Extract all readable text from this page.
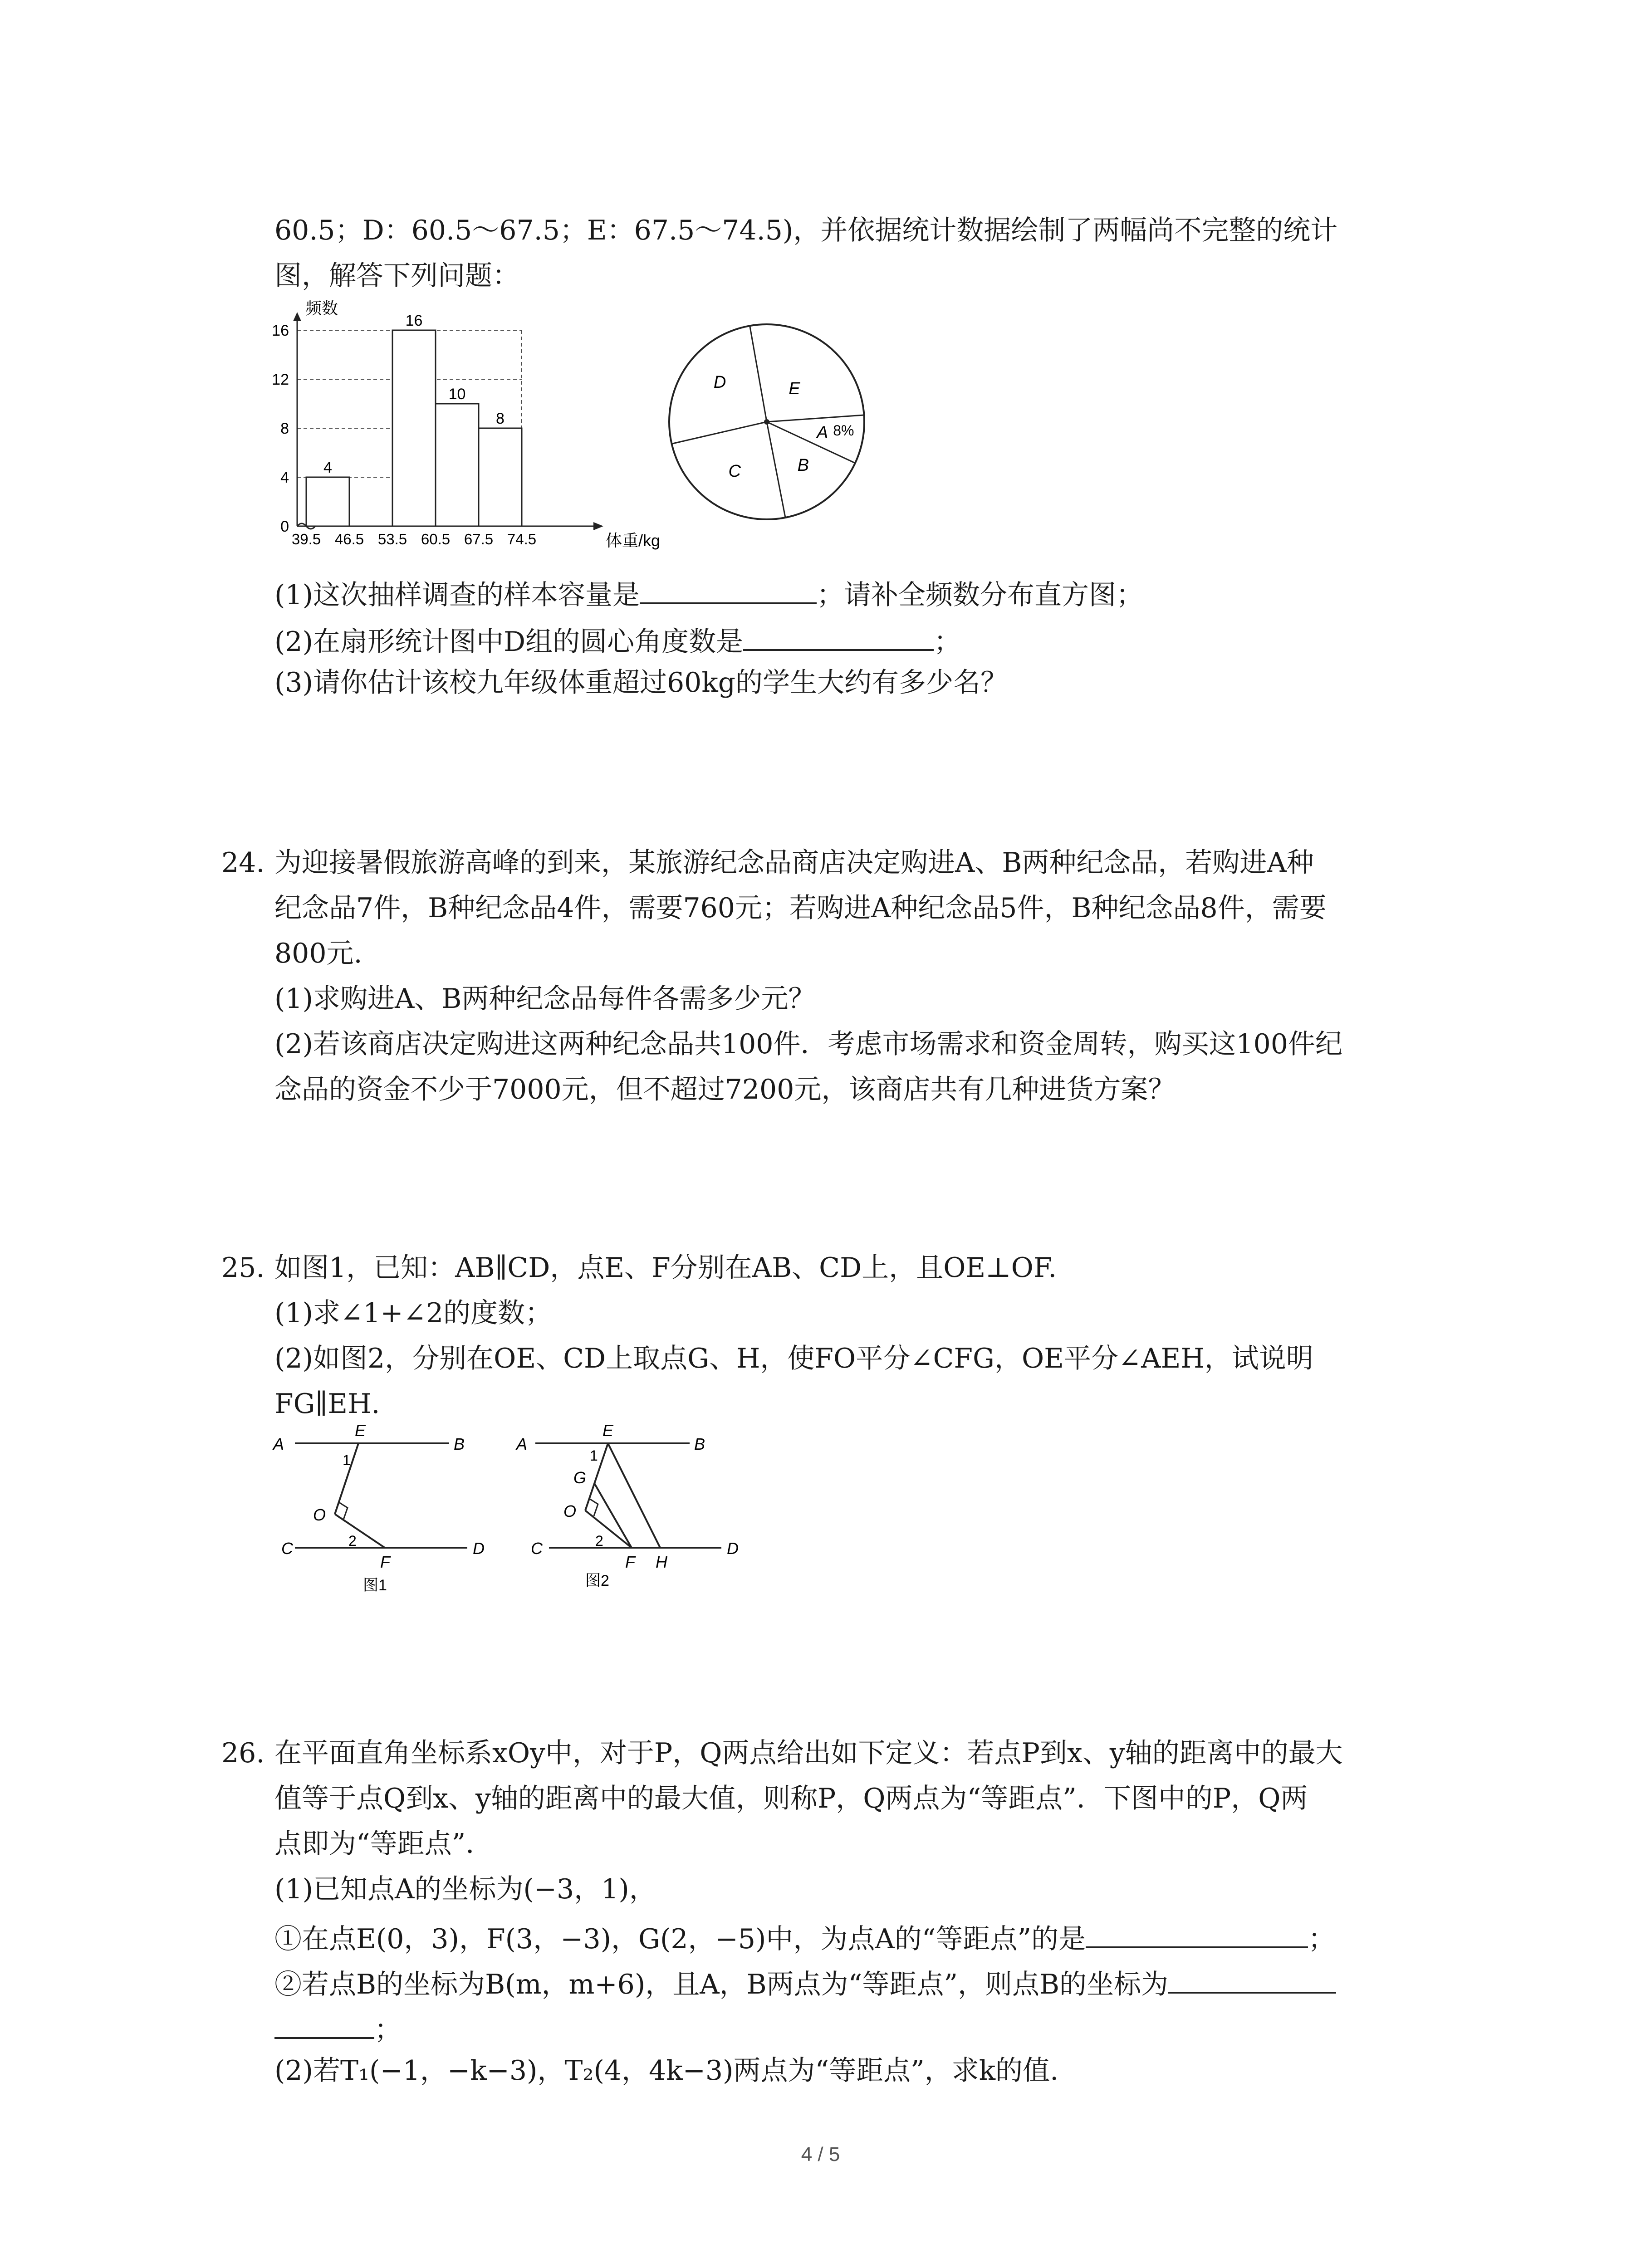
60.5；D：60.5～67.5；E：67.5～74.5)，并依据统计数据绘制了两幅尚不完整的统计
图，解答下列问题：
0
4
8
12
16
频数
4
16
10
8
39.5 46.5 53.5 60.5 67.5 74.5	体重/kg
D	E
A
B
C
8%
(1)这次抽样调查的样本容量是	；请补全频数分布直方图；
(2)在扇形统计图中D组的圆心角度数是	；
(3)请你估计该校九年级体重超过60kg的学生大约有多少名？
24. 为迎接暑假旅游高峰的到来，某旅游纪念品商店决定购进A、B两种纪念品，若购进A种
纪念品7件，B种纪念品4件，需要760元；若购进A种纪念品5件，B种纪念品8件，需要
800元.
(1)求购进A、B两种纪念品每件各需多少元？
(2)若该商店决定购进这两种纪念品共100件．考虑市场需求和资金周转，购买这100件纪
念品的资金不少于7000元，但不超过7200元，该商店共有几种进货方案？
25. 如图1，已知：AB∥CD，点E、F分别在AB、CD上，且OE⊥OF.
(1)求∠1+∠2的度数；
(2)如图2，分别在OE、CD上取点G、H，使FO平分∠CFG，OE平分∠AEH，试说明
FG∥EH.
A
E
B
1
O
C	2	D
F
图1
A
E
B
1
G
O
C	2
F H
D
图2
26. 在平面直角坐标系xOy中，对于P，Q两点给出如下定义：若点P到x、y轴的距离中的最大
值等于点Q到x、y轴的距离中的最大值，则称P，Q两点为“等距点”．下图中的P，Q两
点即为“等距点”．
(1)已知点A的坐标为(−3，1)，
①在点E(0，3)，F(3，−3)，G(2，−5)中，为点A的“等距点”的是	；
②若点B的坐标为B(m，m+6)，且A，B两点为“等距点”，则点B的坐标为
；
(2)若T₁(−1，−k−3)，T₂(4，4k−3)两点为“等距点”，求k的值.
4 / 5
